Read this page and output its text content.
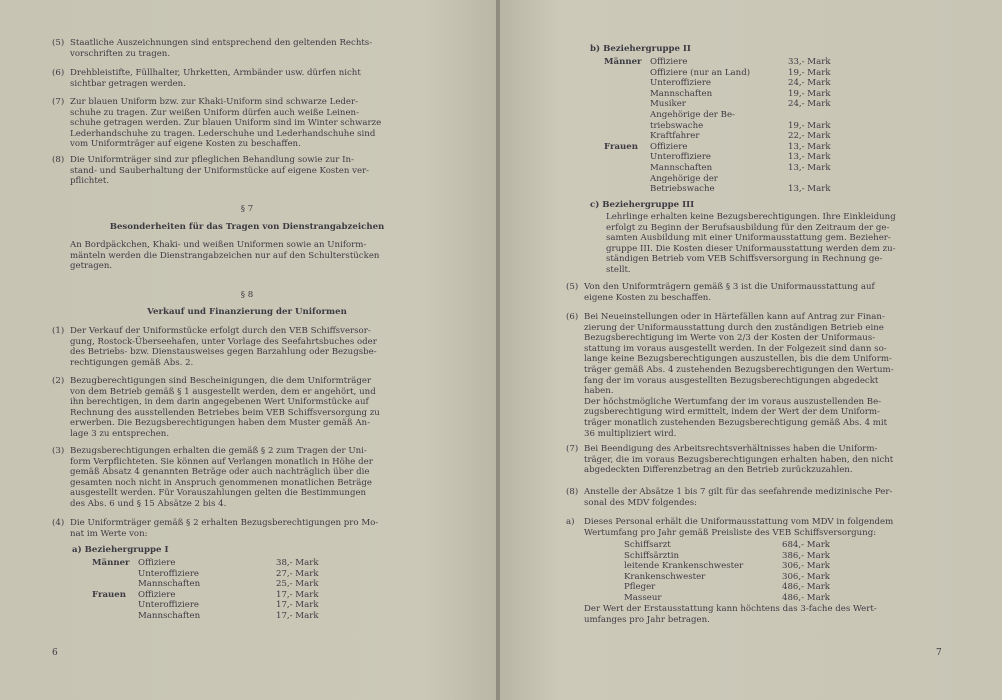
(5) Staatliche Auszeichnungen sind entsprechend den geltenden Rechts-
vorschriften zu tragen.
(6) Drehbleistifte, Füllhalter, Uhrketten, Armbänder usw. dürfen nicht
sichtbar getragen werden.
(7) Zur blauen Uniform bzw. zur Khaki-Uniform sind schwarze Leder-
schuhe zu tragen. Zur weißen Uniform dürfen auch weiße Leinen-
schuhe getragen werden. Zur blauen Uniform sind im Winter schwarze
Lederhandschuhe zu tragen. Lederschuhe und Lederhandschuhe sind
vom Uniformträger auf eigene Kosten zu beschaffen.
(8) Die Uniformträger sind zur pfleglichen Behandlung sowie zur In-
stand- und Sauberhaltung der Uniformstücke auf eigene Kosten ver-
pflichtet.
§ 7
Besonderheiten für das Tragen von Dienstrangabzeichen
An Bordpäckchen, Khaki- und weißen Uniformen sowie an Uniform-
mänteln werden die Dienstrangabzeichen nur auf den Schulterstücken
getragen.
§ 8
Verkauf und Finanzierung der Uniformen
(1) Der Verkauf der Uniformstücke erfolgt durch den VEB Schiffsversor-
gung, Rostock-Überseehafen, unter Vorlage des Seefahrtsbuches oder
des Betriebs- bzw. Dienstausweises gegen Barzahlung oder Bezugsbe-
rechtigungen gemäß Abs. 2.
(2) Bezugberechtigungen sind Bescheinigungen, die dem Uniformträger
von dem Betrieb gemäß § 1 ausgestellt werden, dem er angehört, und
ihn berechtigen, in dem darin angegebenen Wert Uniformstücke auf
Rechnung des ausstellenden Betriebes beim VEB Schiffsversorgung zu
erwerben. Die Bezugsberechtigungen haben dem Muster gemäß An-
lage 3 zu entsprechen.
(3) Bezugsberechtigungen erhalten die gemäß § 2 zum Tragen der Uni-
form Verpflichteten. Sie können auf Verlangen monatlich in Höhe der
gemäß Absatz 4 genannten Beträge oder auch nachträglich über die
gesamten noch nicht in Anspruch genommenen monatlichen Beträge
ausgestellt werden. Für Vorauszahlungen gelten die Bestimmungen
des Abs. 6 und § 15 Absätze 2 bis 4.
(4) Die Uniformträger gemäß § 2 erhalten Bezugsberechtigungen pro Mo-
nat im Werte von:
a) Beziehergruppe I
Männer	Offiziere	38,- Mark
	Unteroffiziere	27,- Mark
	Mannschaften	25,- Mark
Frauen	Offiziere	17,- Mark
	Unteroffiziere	17,- Mark
	Mannschaften	17,- Mark
6
b) Beziehergruppe II
Männer	Offiziere	33,- Mark
	Offiziere (nur an Land)	19,- Mark
	Unteroffiziere	24,- Mark
	Mannschaften	19,- Mark
	Musiker	24,- Mark
	Angehörige der Be-
triebswache	19,- Mark
	Kraftfahrer	22,- Mark
Frauen	Offiziere	13,- Mark
	Unteroffiziere	13,- Mark
	Mannschaften	13,- Mark
	Angehörige der
Betriebswache	13,- Mark
c) Beziehergruppe III
Lehrlinge erhalten keine Bezugsberechtigungen. Ihre Einkleidung
erfolgt zu Beginn der Berufsausbildung für den Zeitraum der ge-
samten Ausbildung mit einer Uniformausstattung gem. Bezieher-
gruppe III. Die Kosten dieser Uniformausstattung werden dem zu-
ständigen Betrieb vom VEB Schiffsversorgung in Rechnung ge-
stellt.
(5) Von den Uniformträgern gemäß § 3 ist die Uniformausstattung auf
eigene Kosten zu beschaffen.
(6) Bei Neueinstellungen oder in Härtefällen kann auf Antrag zur Finan-
zierung der Uniformausstattung durch den zuständigen Betrieb eine
Bezugsberechtigung im Werte von 2/3 der Kosten der Uniformaus-
stattung im voraus ausgestellt werden. In der Folgezeit sind dann so-
lange keine Bezugsberechtigungen auszustellen, bis die dem Uniform-
träger gemäß Abs. 4 zustehenden Bezugsberechtigungen den Wertum-
fang der im voraus ausgestellten Bezugsberechtigungen abgedeckt
haben.
Der höchstmögliche Wertumfang der im voraus auszustellenden Be-
zugsberechtigung wird ermittelt, indem der Wert der dem Uniform-
träger monatlich zustehenden Bezugsberechtigung gemäß Abs. 4 mit
36 multipliziert wird.
(7) Bei Beendigung des Arbeitsrechtsverhältnisses haben die Uniform-
träger, die im voraus Bezugsberechtigungen erhalten haben, den nicht
abgedeckten Differenzbetrag an den Betrieb zurückzuzahlen.
(8) Anstelle der Absätze 1 bis 7 gilt für das seefahrende medizinische Per-
sonal des MDV folgendes:
a) Dieses Personal erhält die Uniformausstattung vom MDV in folgendem
Wertumfang pro Jahr gemäß Preisliste des VEB Schiffsversorgung:
Schiffsarzt	684,- Mark
Schiffsärztin	386,- Mark
leitende Krankenschwester	306,- Mark
Krankenschwester	306,- Mark
Pfleger	486,- Mark
Masseur	486,- Mark
Der Wert der Erstausstattung kann höchtens das 3-fache des Wert-
umfanges pro Jahr betragen.
7
